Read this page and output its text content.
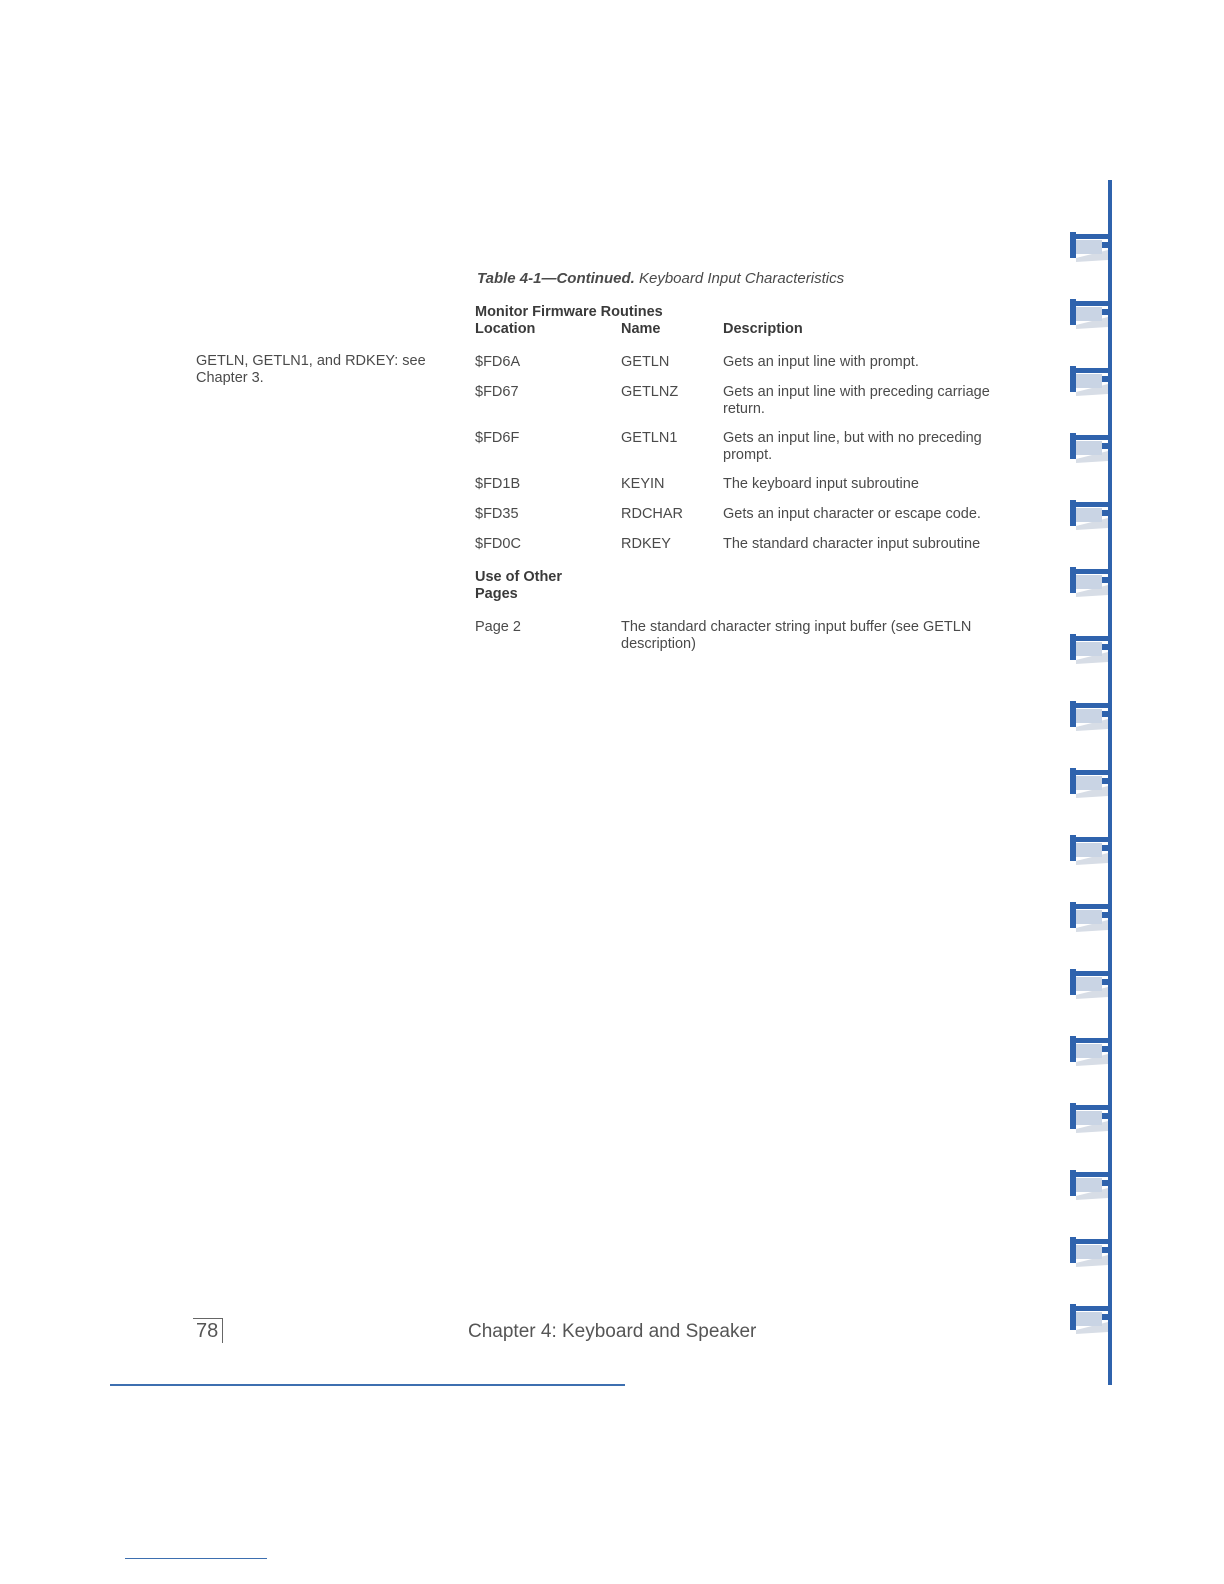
GETLN, GETLN1, and RDKEY: see Chapter 3.
Table 4-1—Continued. Keyboard Input Characteristics
Monitor Firmware Routines
Location	Name	Description
$FD6A	GETLN	Gets an input line with prompt.
$FD67	GETLNZ	Gets an input line with preceding carriage return.
$FD6F	GETLN1	Gets an input line, but with no preceding prompt.
$FD1B	KEYIN	The keyboard input subroutine
$FD35	RDCHAR	Gets an input character or escape code.
$FD0C	RDKEY	The standard character input subroutine
Use of Other Pages
Page 2	The standard character string input buffer (see GETLN description)
78	Chapter 4: Keyboard and Speaker
